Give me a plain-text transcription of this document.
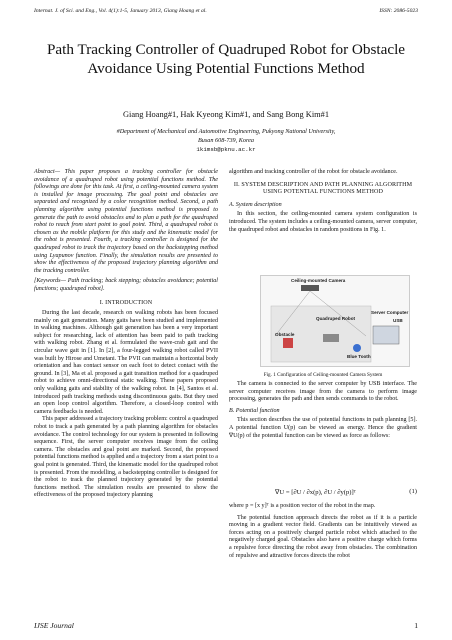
Internat. J. of Sci. and Eng., Vol. 4(1):1-5, January 2013, Giang Hoang et al.	ISSN: 2086-5023
Path Tracking Controller of Quadruped Robot for Obstacle Avoidance Using Potential Functions Method
Giang Hoang#1, Hak Kyeong Kim#1, and Sang Bong Kim#1
#Department of Mechanical and Automotive Engineering, Pukyong National University,
Busan 608-739, Korea
1kimsb@pknu.ac.kr

Abstract— This paper proposes a tracking controller for obstacle avoidance of a quadruped robot using potential functions method. The followings are done for this task. At first, a ceiling-mounted camera system is installed for image processing. The goal point and obstacles are separated and recognized by a color recognition method. Second, a path planning algorithm using potential functions method is proposed to generate the path to avoid obstacles and to plan a path for the quadruped robot to reach from start point to goal point. Third, a quadruped robot is chosen as the mobile platform for this study and the kinematic model for the robot is presented. Fourth, a tracking controller is designed for the quadruped robot to track the trajectory based on the backstepping method using Lyapunov function. Finally, the simulation results are presented to show the effectiveness of the proposed trajectory planning algorithm and the tracking controller.

[Keywords— Path tracking; back stepping; obstacles avoidance; potential functions; quadruped robot].

I. INTRODUCTION

During the last decade, research on walking robots has been focused mainly on gait generation. Many gaits have been studied and implemented in walking machines. Although gait generation has been a very important subject for researching, lack of attention has been paid to path tracking with walking robot. Zhang et al. formulated the wave-crab gait and the circular wave gait in [1]. In [2], a four-legged walking robot called PVII was built by Hirose and Umetani. The PVII can maintain a horizontal body orientation and has contact sensor on each foot to detect contact with the ground. In [3], Ma et al. proposed a gait transition method for a quadruped robot to achieve omni-directional static walking. These papers proposed only walking gaits and stability of the walking robot. In [4], Santos et al. introduced path tracking methods using discontinuous gaits. But they used an open loop control algorithm. Therefore, a closed-loop control with camera feedbacks is needed.

This paper addressed a trajectory tracking problem: control a quadruped robot to track a path generated by a path planning algorithm for obstacles avoidance. The control technology for our system is presented in following sequence. First, the server computer receives image from the ceiling camera. The obstacles and goal point are marked. Second, the proposed potential functions method is applied and a trajectory from a start point to a goal point is generated. Third, the kinematic model for the quadruped robot is presented. From the modelling, a backstepping controller is designed for the robot to track the planned trajectory generated by the potential functions method. The simulation results are presented to show the effectiveness of the proposed trajectory planning

algorithm and tracking controller of the robot for obstacle avoidance.

II. SYSTEM DESCRIPTION AND PATH PLANNING ALGORITHM

USING POTENTIAL FUNCTIONS METHOD

A. System description

In this section, the ceiling-mounted camera system configuration is introduced. The system includes a ceiling-mounted camera, server computer, the quadruped robot and obstacles in random positions in Fig. 1.

Ceiling-mounted Camera
Server Computer
USB
Quadruped Robot
Obstacle
Blue Tooth
Fig. 1 Configuration of Ceiling-mounted Camera System

The camera is connected to the server computer by USB interface. The server computer receives image from the camera to perform image processing, generates the path and then sends commands to the robot.

B. Potential function

This section describes the use of potential functions in path planning [5]. A potential function U(p) can be viewed as energy. Hence the gradient ∇U(p) of the potential function can be viewed as force as follows:

∇U = [∂U / ∂x(p), ∂U / ∂y(p)]ᵀ	(1)

where p = [x y]ᵀ is a position vector of the robot in the map.

The potential function approach directs the robot as if it is a particle moving in a gradient vector field. Gradients can be intuitively viewed as forces acting on a positively charged particle robot which attached to the negatively charged goal. Obstacles also have a positive charge which forms a repulsive force directing the robot away from obstacles. The combination of repulsive and attractive forces directs the robot

IJSE Journal	1
